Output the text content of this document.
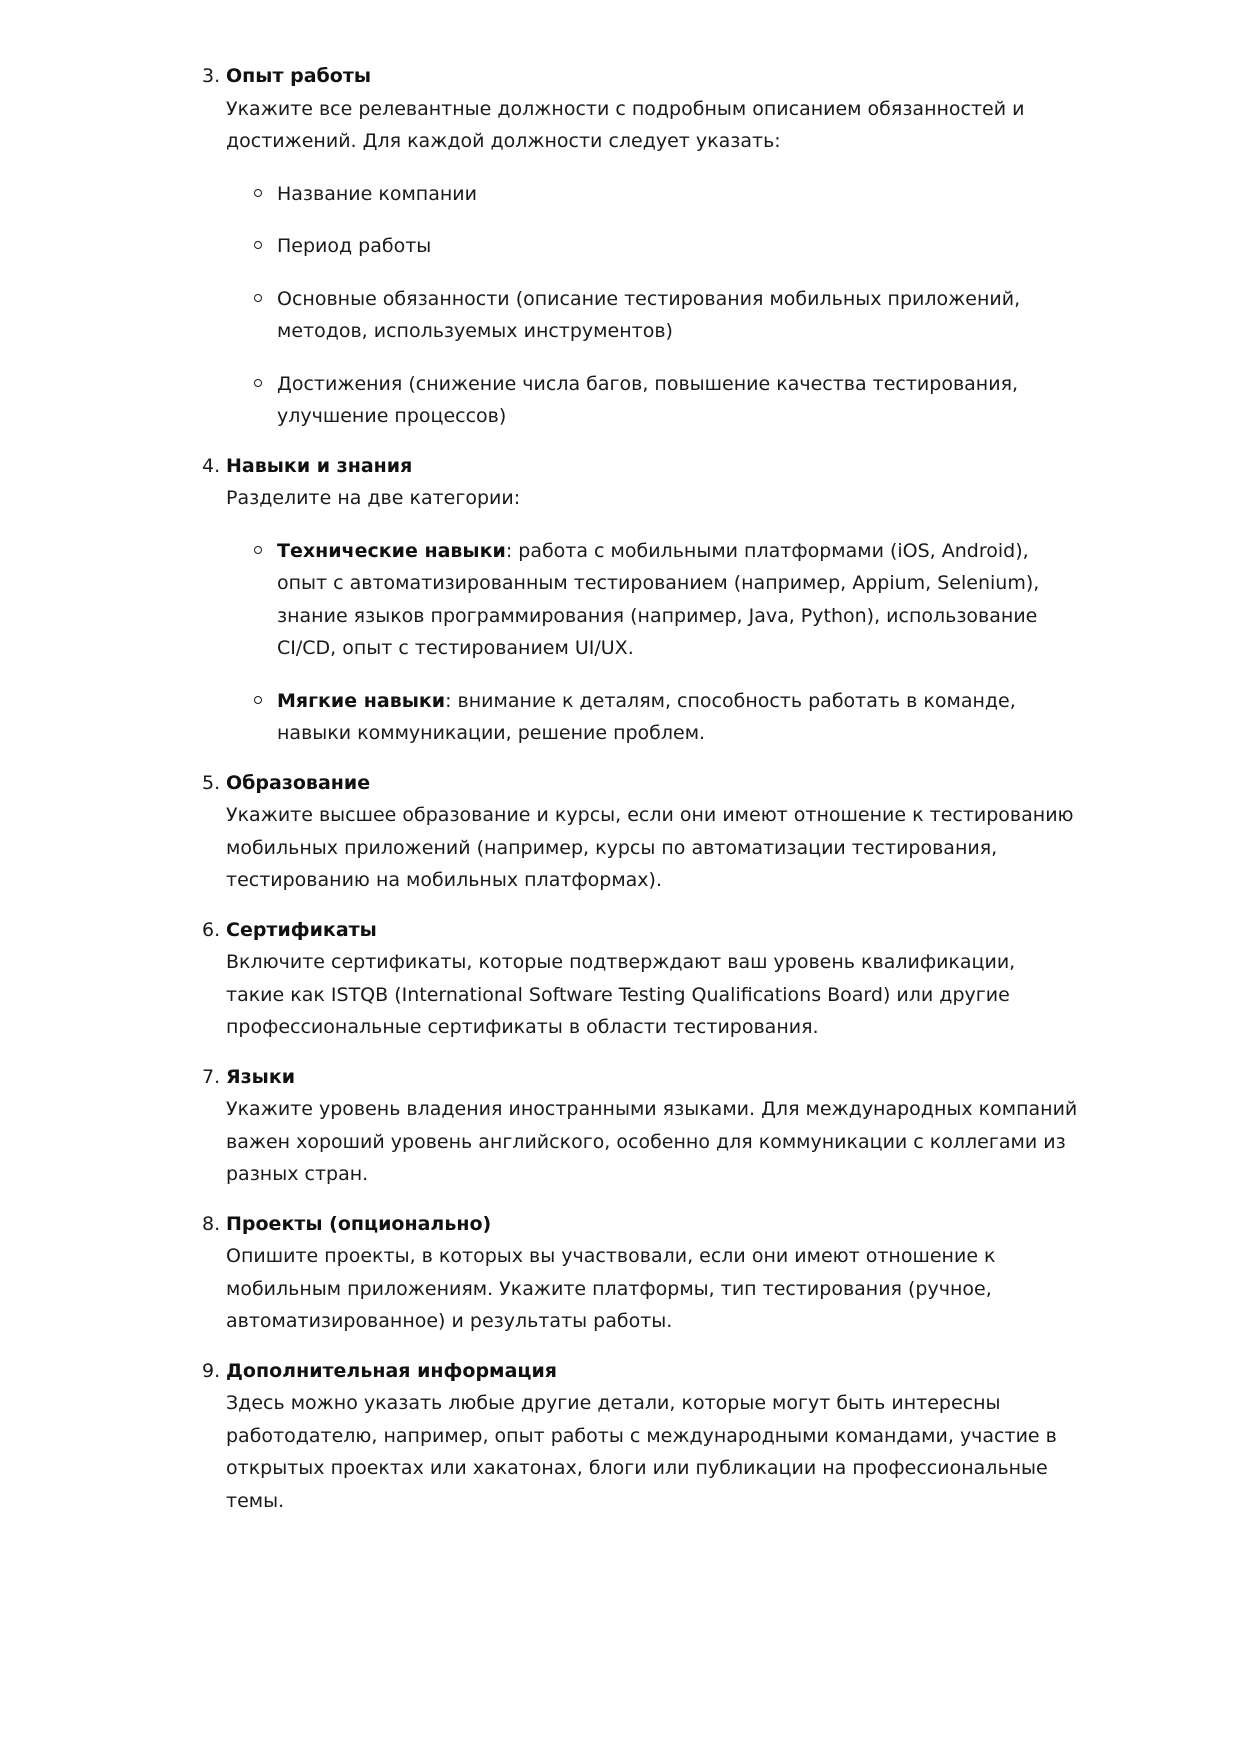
3. Опыт работы

Укажите все релевантные должности с подробным описанием обязанностей и достижений. Для каждой должности следует указать:

Название компании
Период работы
Основные обязанности (описание тестирования мобильных приложений, методов, используемых инструментов)
Достижения (снижение числа багов, повышение качества тестирования, улучшение процессов)
4. Навыки и знания

Разделите на две категории:

Технические навыки: работа с мобильными платформами (iOS, Android), опыт с автоматизированным тестированием (например, Appium, Selenium), знание языков программирования (например, Java, Python), использование CI/CD, опыт с тестированием UI/UX.
Мягкие навыки: внимание к деталям, способность работать в команде, навыки коммуникации, решение проблем.
5. Образование

Укажите высшее образование и курсы, если они имеют отношение к тестированию мобильных приложений (например, курсы по автоматизации тестирования, тестированию на мобильных платформах).

6. Сертификаты

Включите сертификаты, которые подтверждают ваш уровень квалификации, такие как ISTQB (International Software Testing Qualifications Board) или другие профессиональные сертификаты в области тестирования.

7. Языки

Укажите уровень владения иностранными языками. Для международных компаний важен хороший уровень английского, особенно для коммуникации с коллегами из разных стран.

8. Проекты (опционально)

Опишите проекты, в которых вы участвовали, если они имеют отношение к мобильным приложениям. Укажите платформы, тип тестирования (ручное, автоматизированное) и результаты работы.

9. Дополнительная информация

Здесь можно указать любые другие детали, которые могут быть интересны работодателю, например, опыт работы с международными командами, участие в открытых проектах или хакатонах, блоги или публикации на профессиональные темы.
